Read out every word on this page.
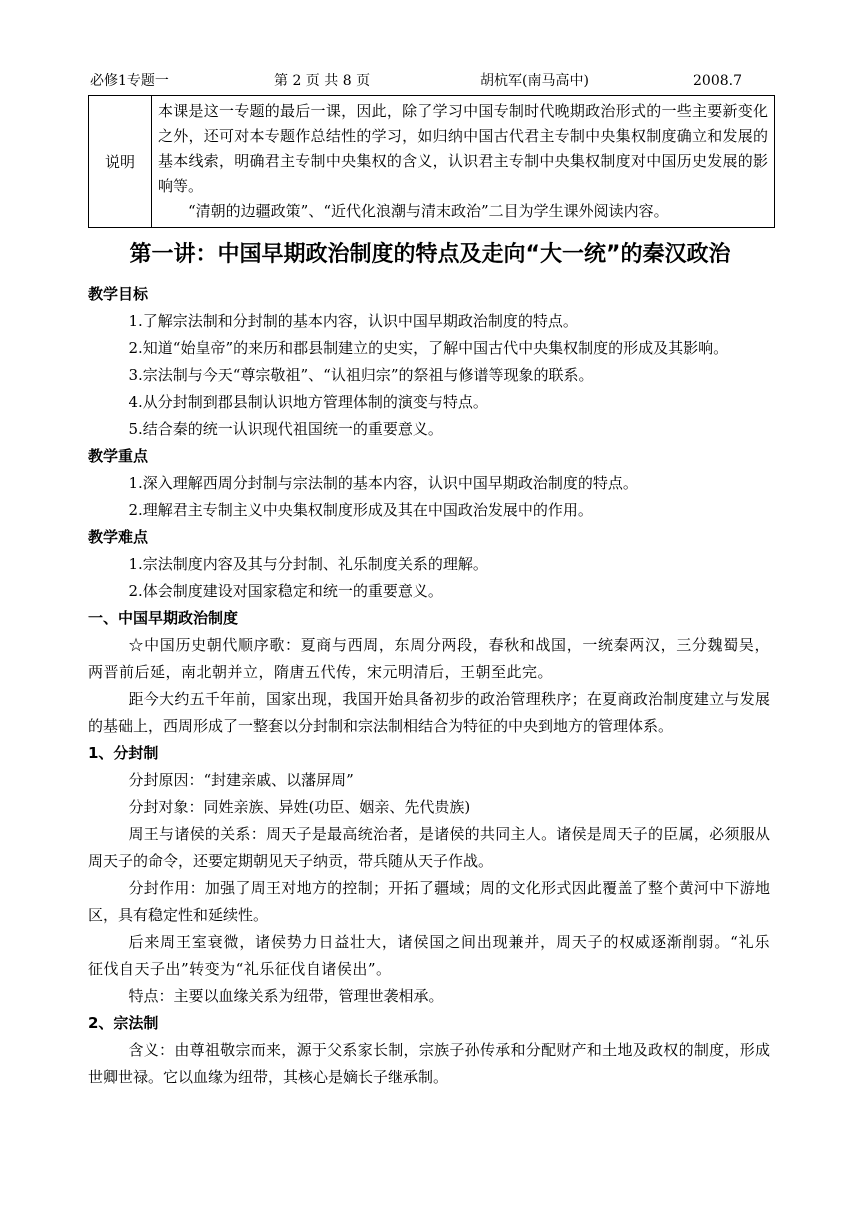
必修1专题一	第 2 页 共 8 页	胡杭军(南马高中)	2008.7
说明	

本课是这一专题的最后一课，因此，除了学习中国专制时代晚期政治形式的一些主要新变化之外，还可对本专题作总结性的学习，如归纳中国古代君主专制中央集权制度确立和发展的基本线索，明确君主专制中央集权的含义，认识君主专制中央集权制度对中国历史发展的影响等。

“清朝的边疆政策”、“近代化浪潮与清末政治”二目为学生课外阅读内容。

第一讲：中国早期政治制度的特点及走向“大一统”的秦汉政治

教学目标

1.了解宗法制和分封制的基本内容，认识中国早期政治制度的特点。

2.知道“始皇帝”的来历和郡县制建立的史实，了解中国古代中央集权制度的形成及其影响。

3.宗法制与今天“尊宗敬祖”、“认祖归宗”的祭祖与修谱等现象的联系。

4.从分封制到郡县制认识地方管理体制的演变与特点。

5.结合秦的统一认识现代祖国统一的重要意义。

教学重点

1.深入理解西周分封制与宗法制的基本内容，认识中国早期政治制度的特点。

2.理解君主专制主义中央集权制度形成及其在中国政治发展中的作用。

教学难点

1.宗法制度内容及其与分封制、礼乐制度关系的理解。

2.体会制度建设对国家稳定和统一的重要意义。

一、中国早期政治制度

☆中国历史朝代顺序歌：夏商与西周，东周分两段，春秋和战国，一统秦两汉，三分魏蜀吴，两晋前后延，南北朝并立，隋唐五代传，宋元明清后，王朝至此完。

距今大约五千年前，国家出现，我国开始具备初步的政治管理秩序；在夏商政治制度建立与发展的基础上，西周形成了一整套以分封制和宗法制相结合为特征的中央到地方的管理体系。

1、分封制

分封原因：“封建亲戚、以藩屏周”

分封对象：同姓亲族、异姓(功臣、姻亲、先代贵族)

周王与诸侯的关系：周天子是最高统治者，是诸侯的共同主人。诸侯是周天子的臣属，必须服从周天子的命令，还要定期朝见天子纳贡，带兵随从天子作战。

分封作用：加强了周王对地方的控制；开拓了疆域；周的文化形式因此覆盖了整个黄河中下游地区，具有稳定性和延续性。

后来周王室衰微，诸侯势力日益壮大，诸侯国之间出现兼并，周天子的权威逐渐削弱。“礼乐征伐自天子出”转变为“礼乐征伐自诸侯出”。

特点：主要以血缘关系为纽带，管理世袭相承。

2、宗法制

含义：由尊祖敬宗而来，源于父系家长制，宗族子孙传承和分配财产和土地及政权的制度，形成世卿世禄。它以血缘为纽带，其核心是嫡长子继承制。
